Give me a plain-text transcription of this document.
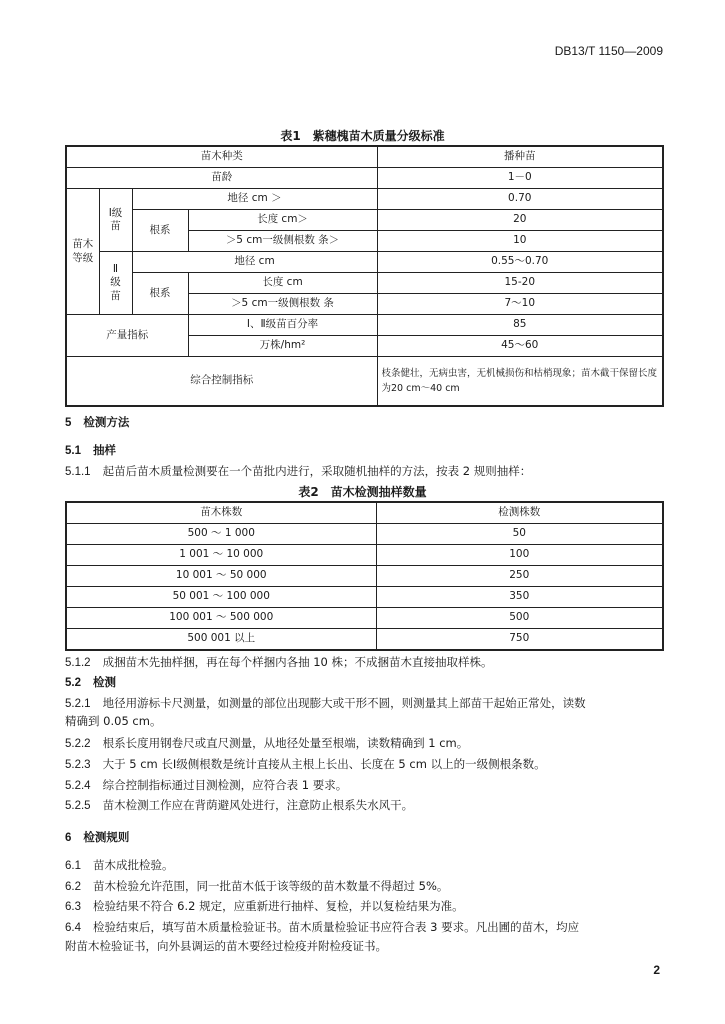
DB13/T 1150—2009
表1　紫穗槐苗木质量分级标准
苗木种类				播种苗
苗龄				1－0
苗木等级	Ⅰ级苗	地径 cm ＞		0.70
		根系	长度 cm＞	20
			＞5 cm一级侧根数 条＞	10
	Ⅱ级苗	地径 cm		0.55～0.70
		根系	长度 cm	15-20
			＞5 cm一级侧根数 条	7～10
产量指标			Ⅰ、Ⅱ级苗百分率	85
			万株/hm²	45～60
综合控制指标				枝条健壮，无病虫害，无机械损伤和枯梢现象；苗木截干保留长度为20 cm～40 cm
5 检测方法
5.1 抽样
5.1.1 起苗后苗木质量检测要在一个苗批内进行，采取随机抽样的方法，按表 2 规则抽样：
表2　苗木检测抽样数量
苗木株数	检测株数
500 ～ 1 000	50
1 001 ～ 10 000	100
10 001 ～ 50 000	250
50 001 ～ 100 000	350
100 001 ～ 500 000	500
500 001 以上	750
5.1.2 成捆苗木先抽样捆，再在每个样捆内各抽 10 株；不成捆苗木直接抽取样株。
5.2 检测
5.2.1 地径用游标卡尺测量，如测量的部位出现膨大或干形不圆，则测量其上部苗干起始正常处，读数
精确到 0.05 cm。
5.2.2 根系长度用钢卷尺或直尺测量，从地径处量至根端，读数精确到 1 cm。
5.2.3 大于 5 cm 长Ⅰ级侧根数是统计直接从主根上长出、长度在 5 cm 以上的一级侧根条数。
5.2.4 综合控制指标通过目测检测，应符合表 1 要求。
5.2.5 苗木检测工作应在背荫避风处进行，注意防止根系失水风干。
6 检测规则
6.1 苗木成批检验。
6.2 苗木检验允许范围，同一批苗木低于该等级的苗木数量不得超过 5%。
6.3 检验结果不符合 6.2 规定，应重新进行抽样、复检，并以复检结果为准。
6.4 检验结束后，填写苗木质量检验证书。苗木质量检验证书应符合表 3 要求。凡出圃的苗木，均应
附苗木检验证书，向外县调运的苗木要经过检疫并附检疫证书。
2
